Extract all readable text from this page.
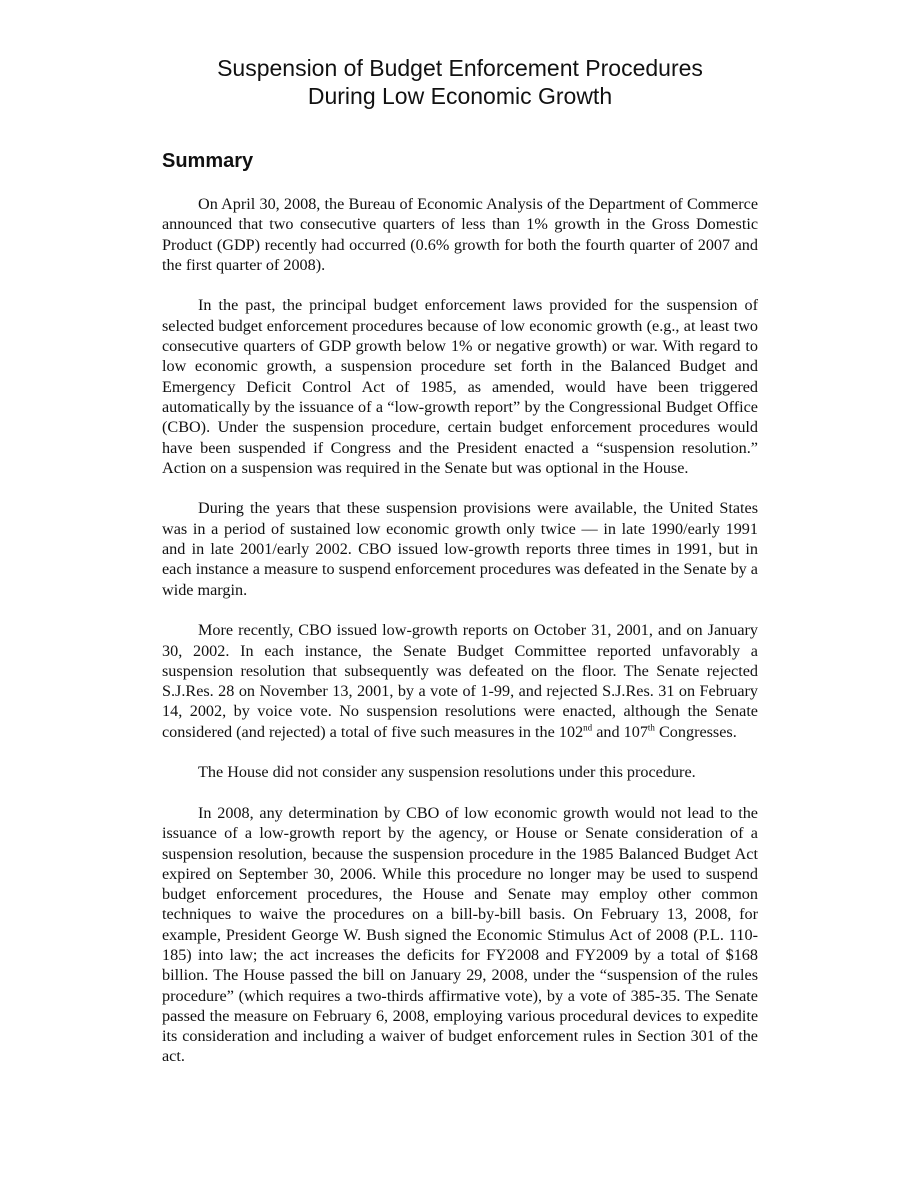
Suspension of Budget Enforcement Procedures
During Low Economic Growth
Summary

On April 30, 2008, the Bureau of Economic Analysis of the Department of Commerce announced that two consecutive quarters of less than 1% growth in the Gross Domestic Product (GDP) recently had occurred (0.6% growth for both the fourth quarter of 2007 and the first quarter of 2008).

In the past, the principal budget enforcement laws provided for the suspension of selected budget enforcement procedures because of low economic growth (e.g., at least two consecutive quarters of GDP growth below 1% or negative growth) or war. With regard to low economic growth, a suspension procedure set forth in the Balanced Budget and Emergency Deficit Control Act of 1985, as amended, would have been triggered automatically by the issuance of a “low-growth report” by the Congressional Budget Office (CBO). Under the suspension procedure, certain budget enforcement procedures would have been suspended if Congress and the President enacted a “suspension resolution.” Action on a suspension was required in the Senate but was optional in the House.

During the years that these suspension provisions were available, the United States was in a period of sustained low economic growth only twice — in late 1990/early 1991 and in late 2001/early 2002. CBO issued low-growth reports three times in 1991, but in each instance a measure to suspend enforcement procedures was defeated in the Senate by a wide margin.

More recently, CBO issued low-growth reports on October 31, 2001, and on January 30, 2002. In each instance, the Senate Budget Committee reported unfavorably a suspension resolution that subsequently was defeated on the floor. The Senate rejected S.J.Res. 28 on November 13, 2001, by a vote of 1-99, and rejected S.J.Res. 31 on February 14, 2002, by voice vote. No suspension resolutions were enacted, although the Senate considered (and rejected) a total of five such measures in the 102nd and 107th Congresses.

The House did not consider any suspension resolutions under this procedure.

In 2008, any determination by CBO of low economic growth would not lead to the issuance of a low-growth report by the agency, or House or Senate consideration of a suspension resolution, because the suspension procedure in the 1985 Balanced Budget Act expired on September 30, 2006. While this procedure no longer may be used to suspend budget enforcement procedures, the House and Senate may employ other common techniques to waive the procedures on a bill-by-bill basis. On February 13, 2008, for example, President George W. Bush signed the Economic Stimulus Act of 2008 (P.L. 110-185) into law; the act increases the deficits for FY2008 and FY2009 by a total of $168 billion. The House passed the bill on January 29, 2008, under the “suspension of the rules procedure” (which requires a two-thirds affirmative vote), by a vote of 385-35. The Senate passed the measure on February 6, 2008, employing various procedural devices to expedite its consideration and including a waiver of budget enforcement rules in Section 301 of the act.
